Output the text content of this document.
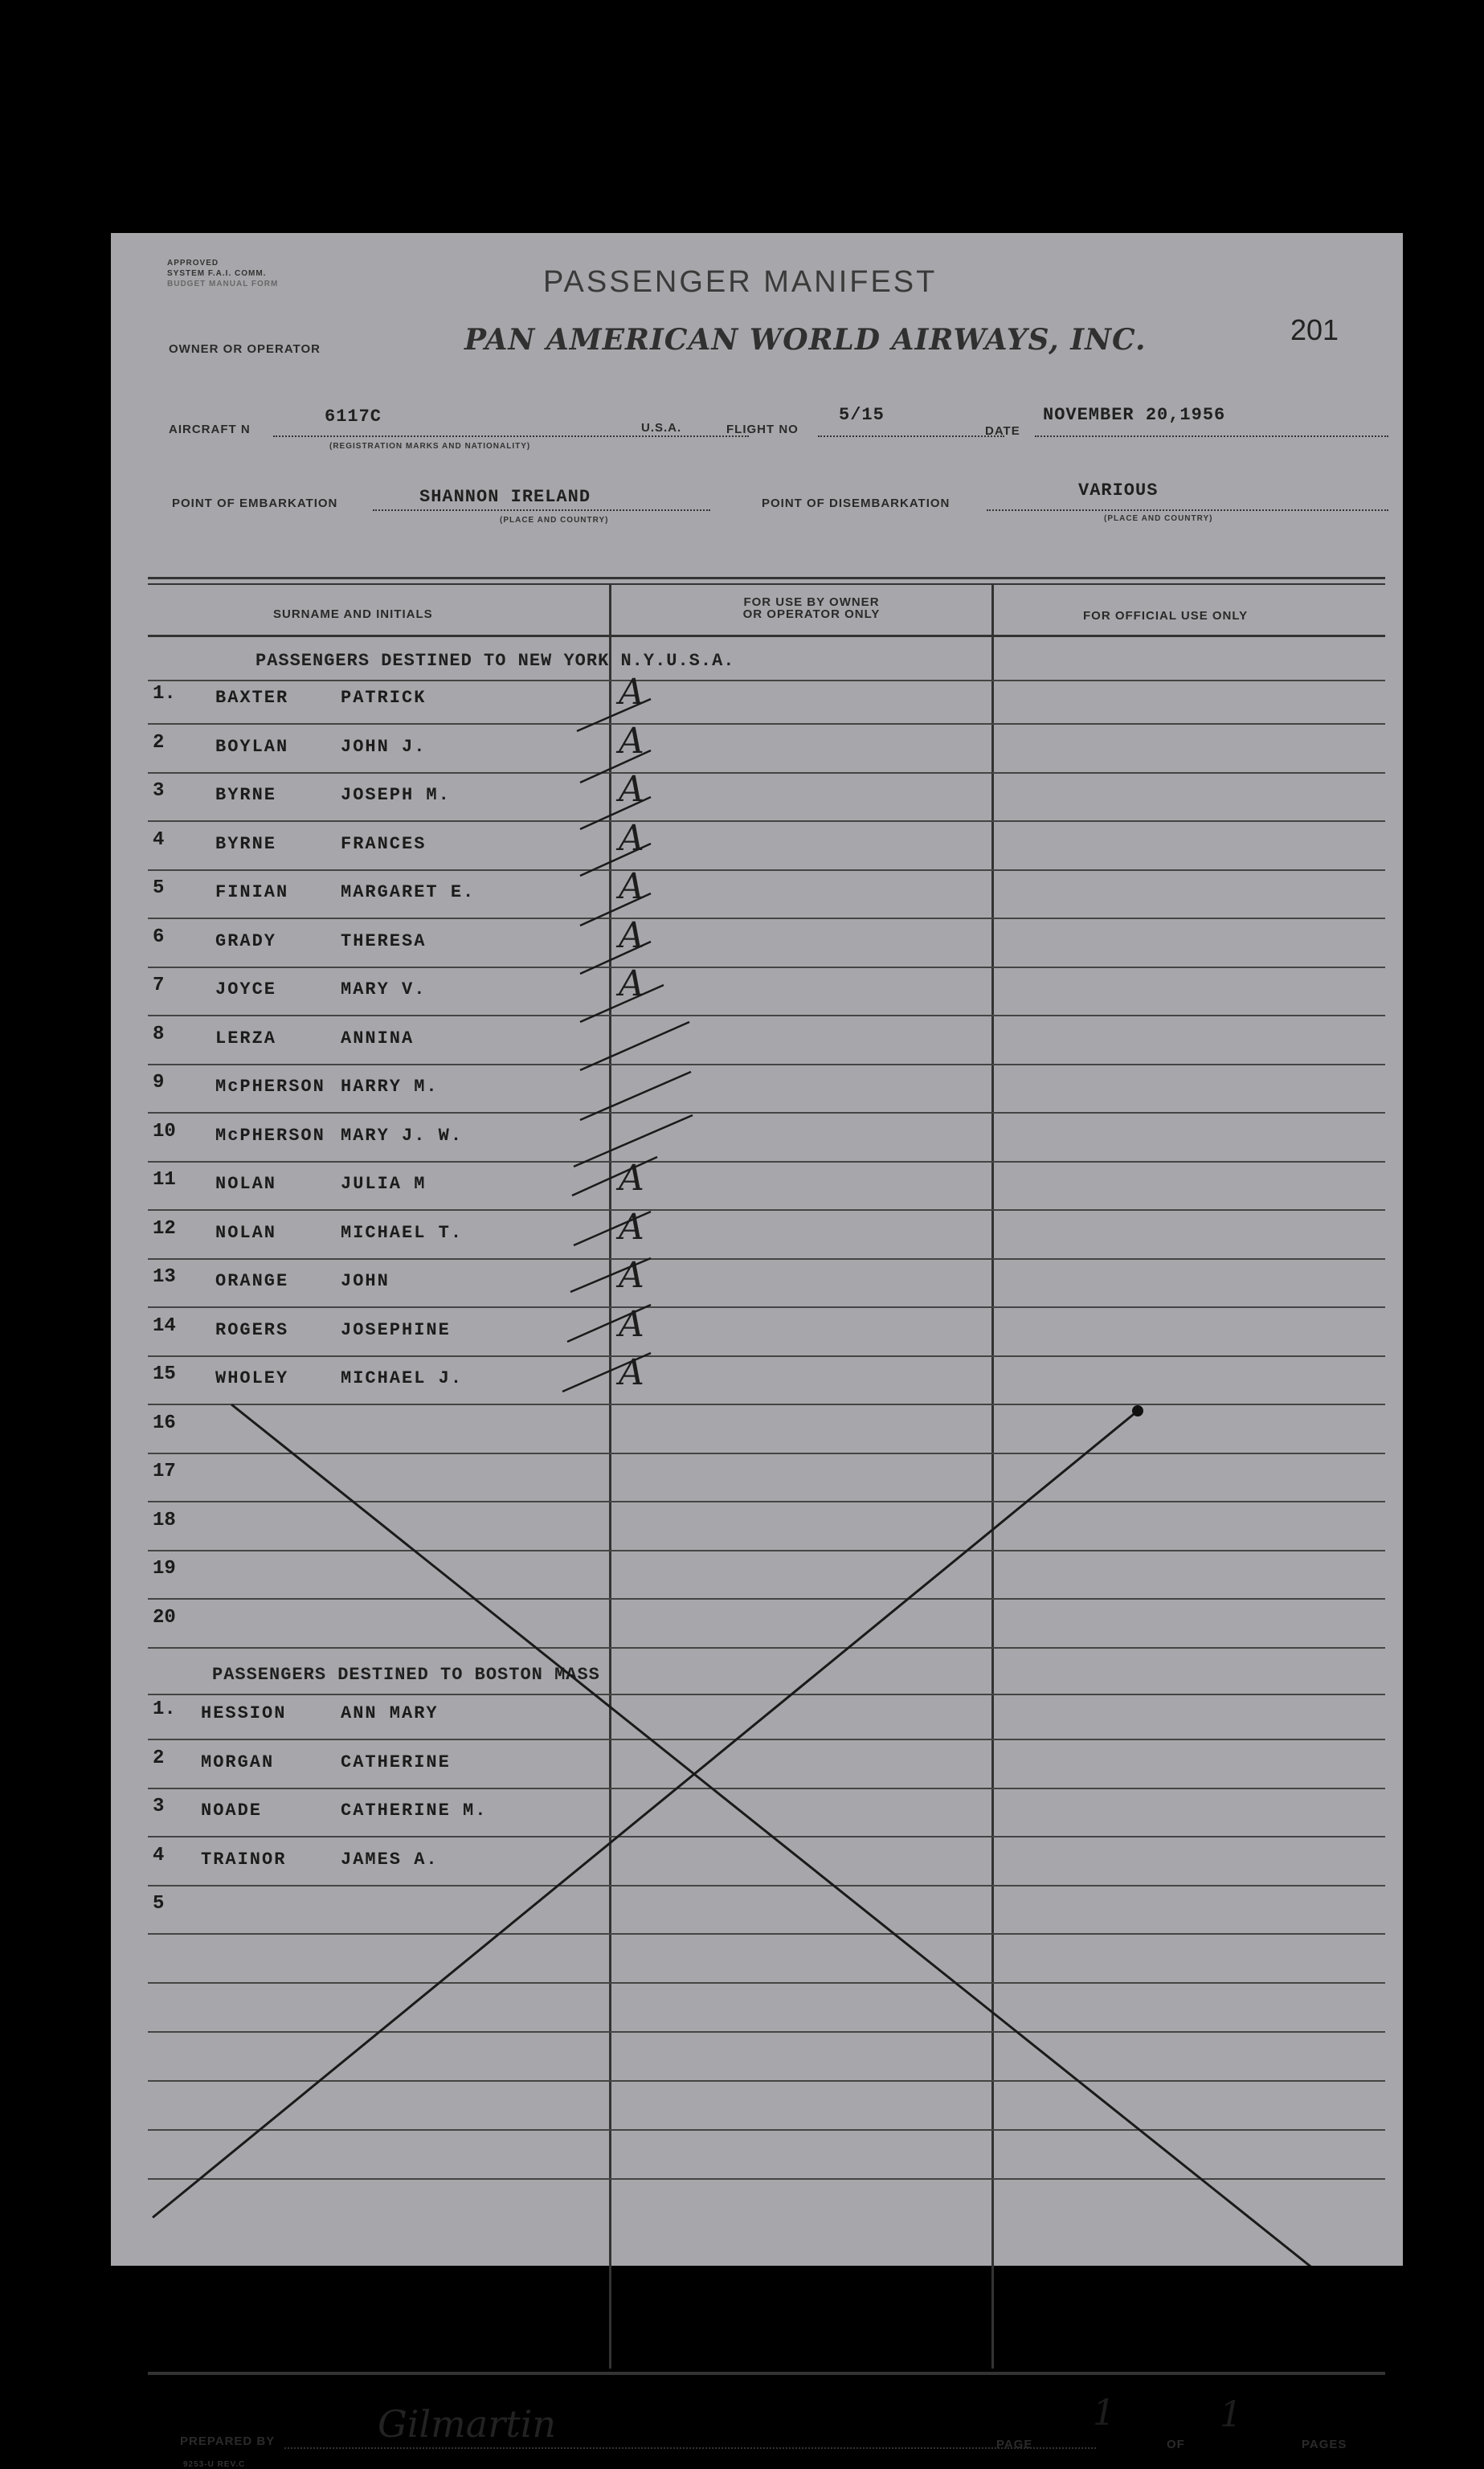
APPROVED
SYSTEM F.A.I. COMM.
BUDGET MANUAL FORM	PASSENGER MANIFEST
OWNER OR OPERATOR	PAN AMERICAN WORLD AIRWAYS, INC.	201
AIRCRAFT N
6117C
(REGISTRATION MARKS AND NATIONALITY)
U.S.A.	FLIGHT NO
5/15
DATE
NOVEMBER 20,1956
POINT OF EMBARKATION	SHANNON IRELAND
(PLACE AND COUNTRY)
POINT OF DISEMBARKATION
VARIOUS
(PLACE AND COUNTRY)
SURNAME AND INITIALS
FOR USE BY OWNER
OR OPERATOR ONLY	FOR OFFICIAL USE ONLY
PASSENGERS DESTINED TO NEW YORK N.Y.U.S.A.
1. BAXTER	PATRICK	A
2	BOYLAN	JOHN J.	A
3	BYRNE	JOSEPH M.	A
4	BYRNE	FRANCES	A
5	FINIAN	MARGARET E.	A
6	GRADY	THERESA	A
7	JOYCE	MARY V.	A
8	LERZA	ANNINA
9	McPHERSON HARRY M.
10 McPHERSON MARY J. W.
11 NOLAN	JULIA M	A
12 NOLAN	MICHAEL T.	A
13 ORANGE	JOHN	A
14 ROGERS	JOSEPHINE	A
15 WHOLEY	MICHAEL J.	A
16
17
18
19
20
PASSENGERS DESTINED TO BOSTON MASS
1. HESSION	ANN MARY
2 MORGAN	CATHERINE
3 NOADE	CATHERINE M.
4 TRAINOR	JAMES A.
5
PREPARED BY	Gilmartin
9253-U REV.C
PAGE
1
OF
1
PAGES
